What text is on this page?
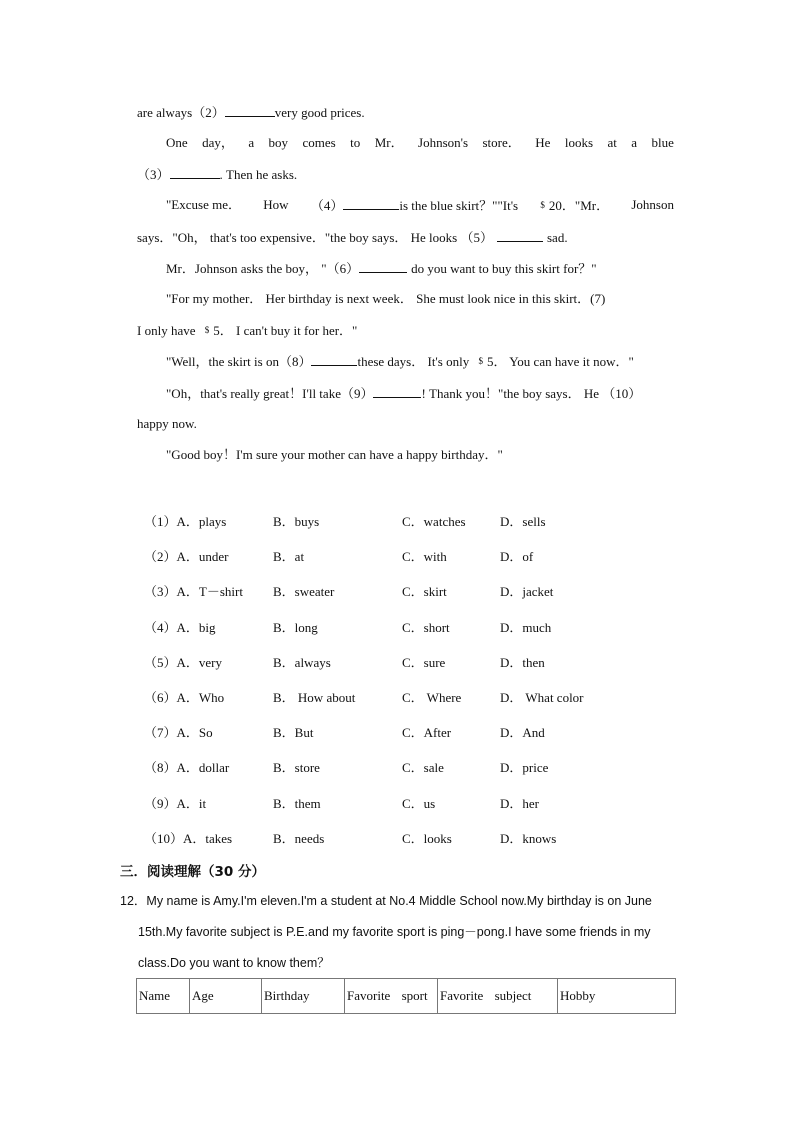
are always（2）	very good prices.
One day， a boy comes to Mr． Johnson's store． He looks at a blue
（3）	. Then he asks.
"Excuse me． How （4）	is the blue skirt？""It's $ 20．"Mr． Johnson
says．"Oh， that's too expensive．"the boy says． He looks （5）	sad.
Mr．Johnson asks the boy， "（6）	do you want to buy this skirt for？"
"For my mother． Her birthday is next week． She must look nice in this skirt．(7)
I only have $ 5． I can't buy it for her．"
"Well，the skirt is on（8）	these days． It's only $ 5． You can have it now．"
"Oh，that's really great！I'll take（9）	! Thank you！"the boy says． He （10）
happy now.
"Good boy！I'm sure your mother can have a happy birthday．"
（1）A．plays	B．buys	C．watches	D．sells
（2）A．under	B．at	C．with	D．of
（3）A．T－shirt B．sweater	C．skirt	D．jacket
（4）A．big	B．long	C．short	D．much
（5）A．very	B．always	C．sure	D．then
（6）A．Who	B． How about	C． Where	D． What color
（7）A．So	B．But	C．After	D．And
（8）A．dollar	B．store	C．sale	D．price
（9）A．it	B．them	C．us	D．her
（10）A．takes	B．needs	C．looks	D．knows
三．阅读理解（30 分）
12．My name is Amy.I'm eleven.I'm a student at No.4 Middle School now.My birthday is on June
15th.My favorite subject is P.E.and my favorite sport is ping－pong.I have some friends in my
class.Do you want to know them？
Name	Age	Birthday	Favorite sport	Favorite subject	Hobby
